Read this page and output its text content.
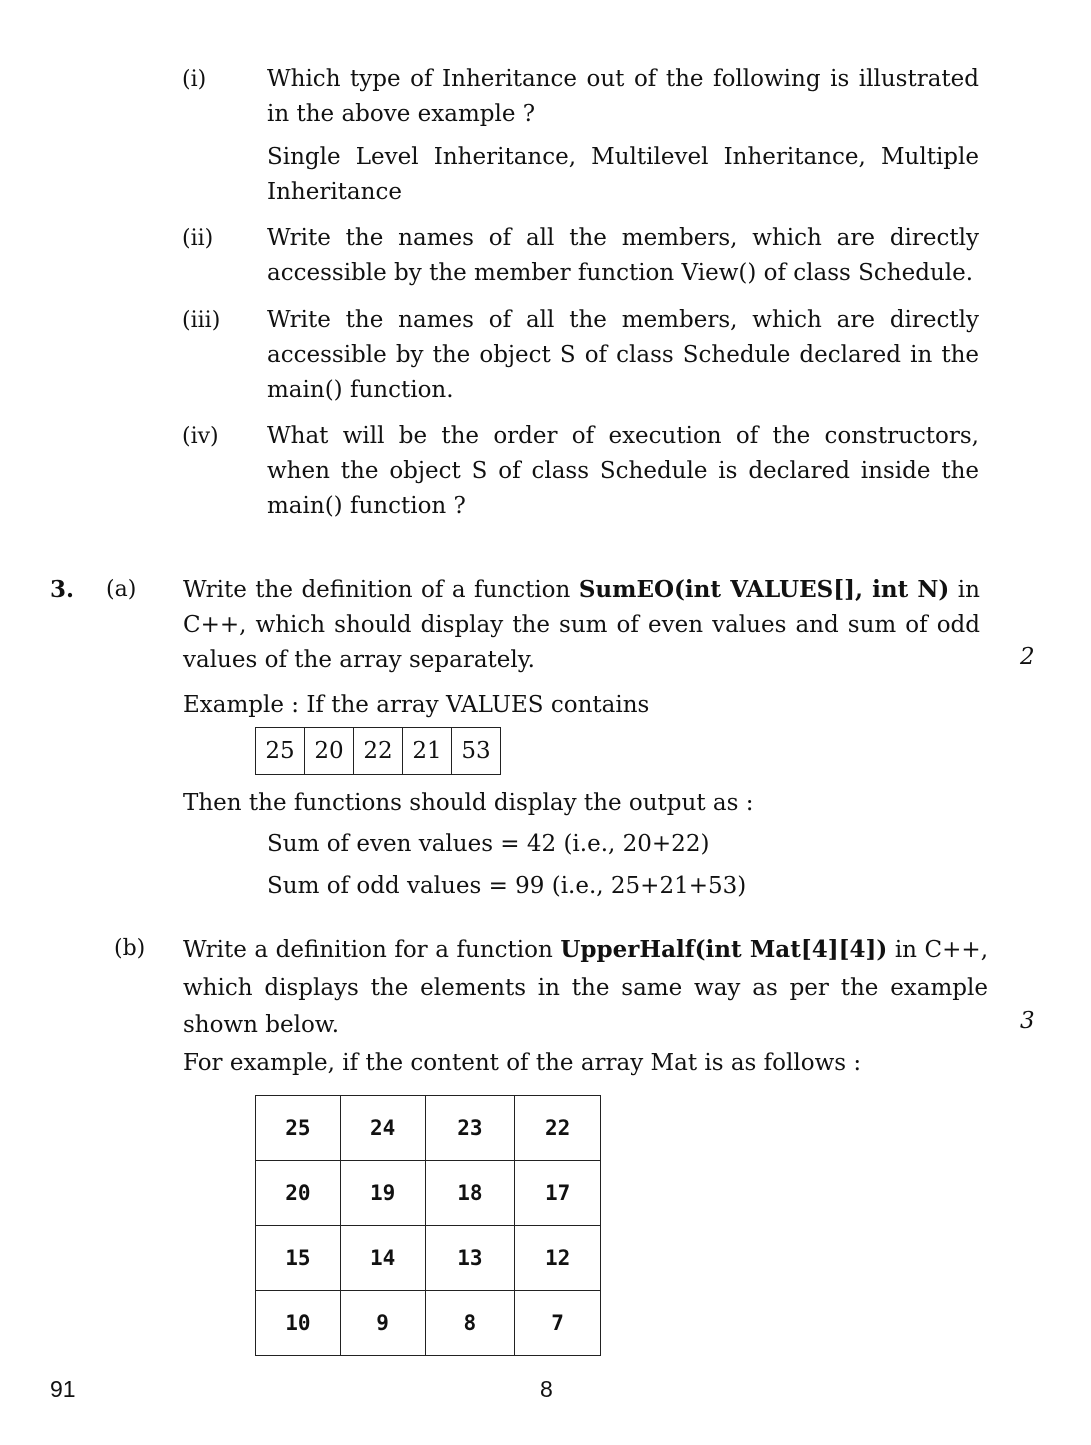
(i)	Which type of Inheritance out of the following is illustrated in the above example ?
Single Level Inheritance, Multilevel Inheritance, Multiple Inheritance
(ii) Write the names of all the members, which are directly accessible by the member function View() of class Schedule.
(iii) Write the names of all the members, which are directly accessible by the object S of class Schedule declared in the main() function.
(iv) What will be the order of execution of the constructors, when the object S of class Schedule is declared inside the main() function ?
3. (a) Write the definition of a function SumEO(int VALUES[], int N) in C++, which should display the sum of even values and sum of odd values of the array separately.	2
Example : If the array VALUES contains
25	20	22	21	53
Then the functions should display the output as :
Sum of even values = 42 (i.e., 20+22)
Sum of odd values = 99 (i.e., 25+21+53)
(b) Write a definition for a function UpperHalf(int Mat[4][4]) in C++, which displays the elements in the same way as per the example shown below.	3
For example, if the content of the array Mat is as follows :
25	24	23	22
20	19	18	17
15	14	13	12
10	9	8	7
91	8
